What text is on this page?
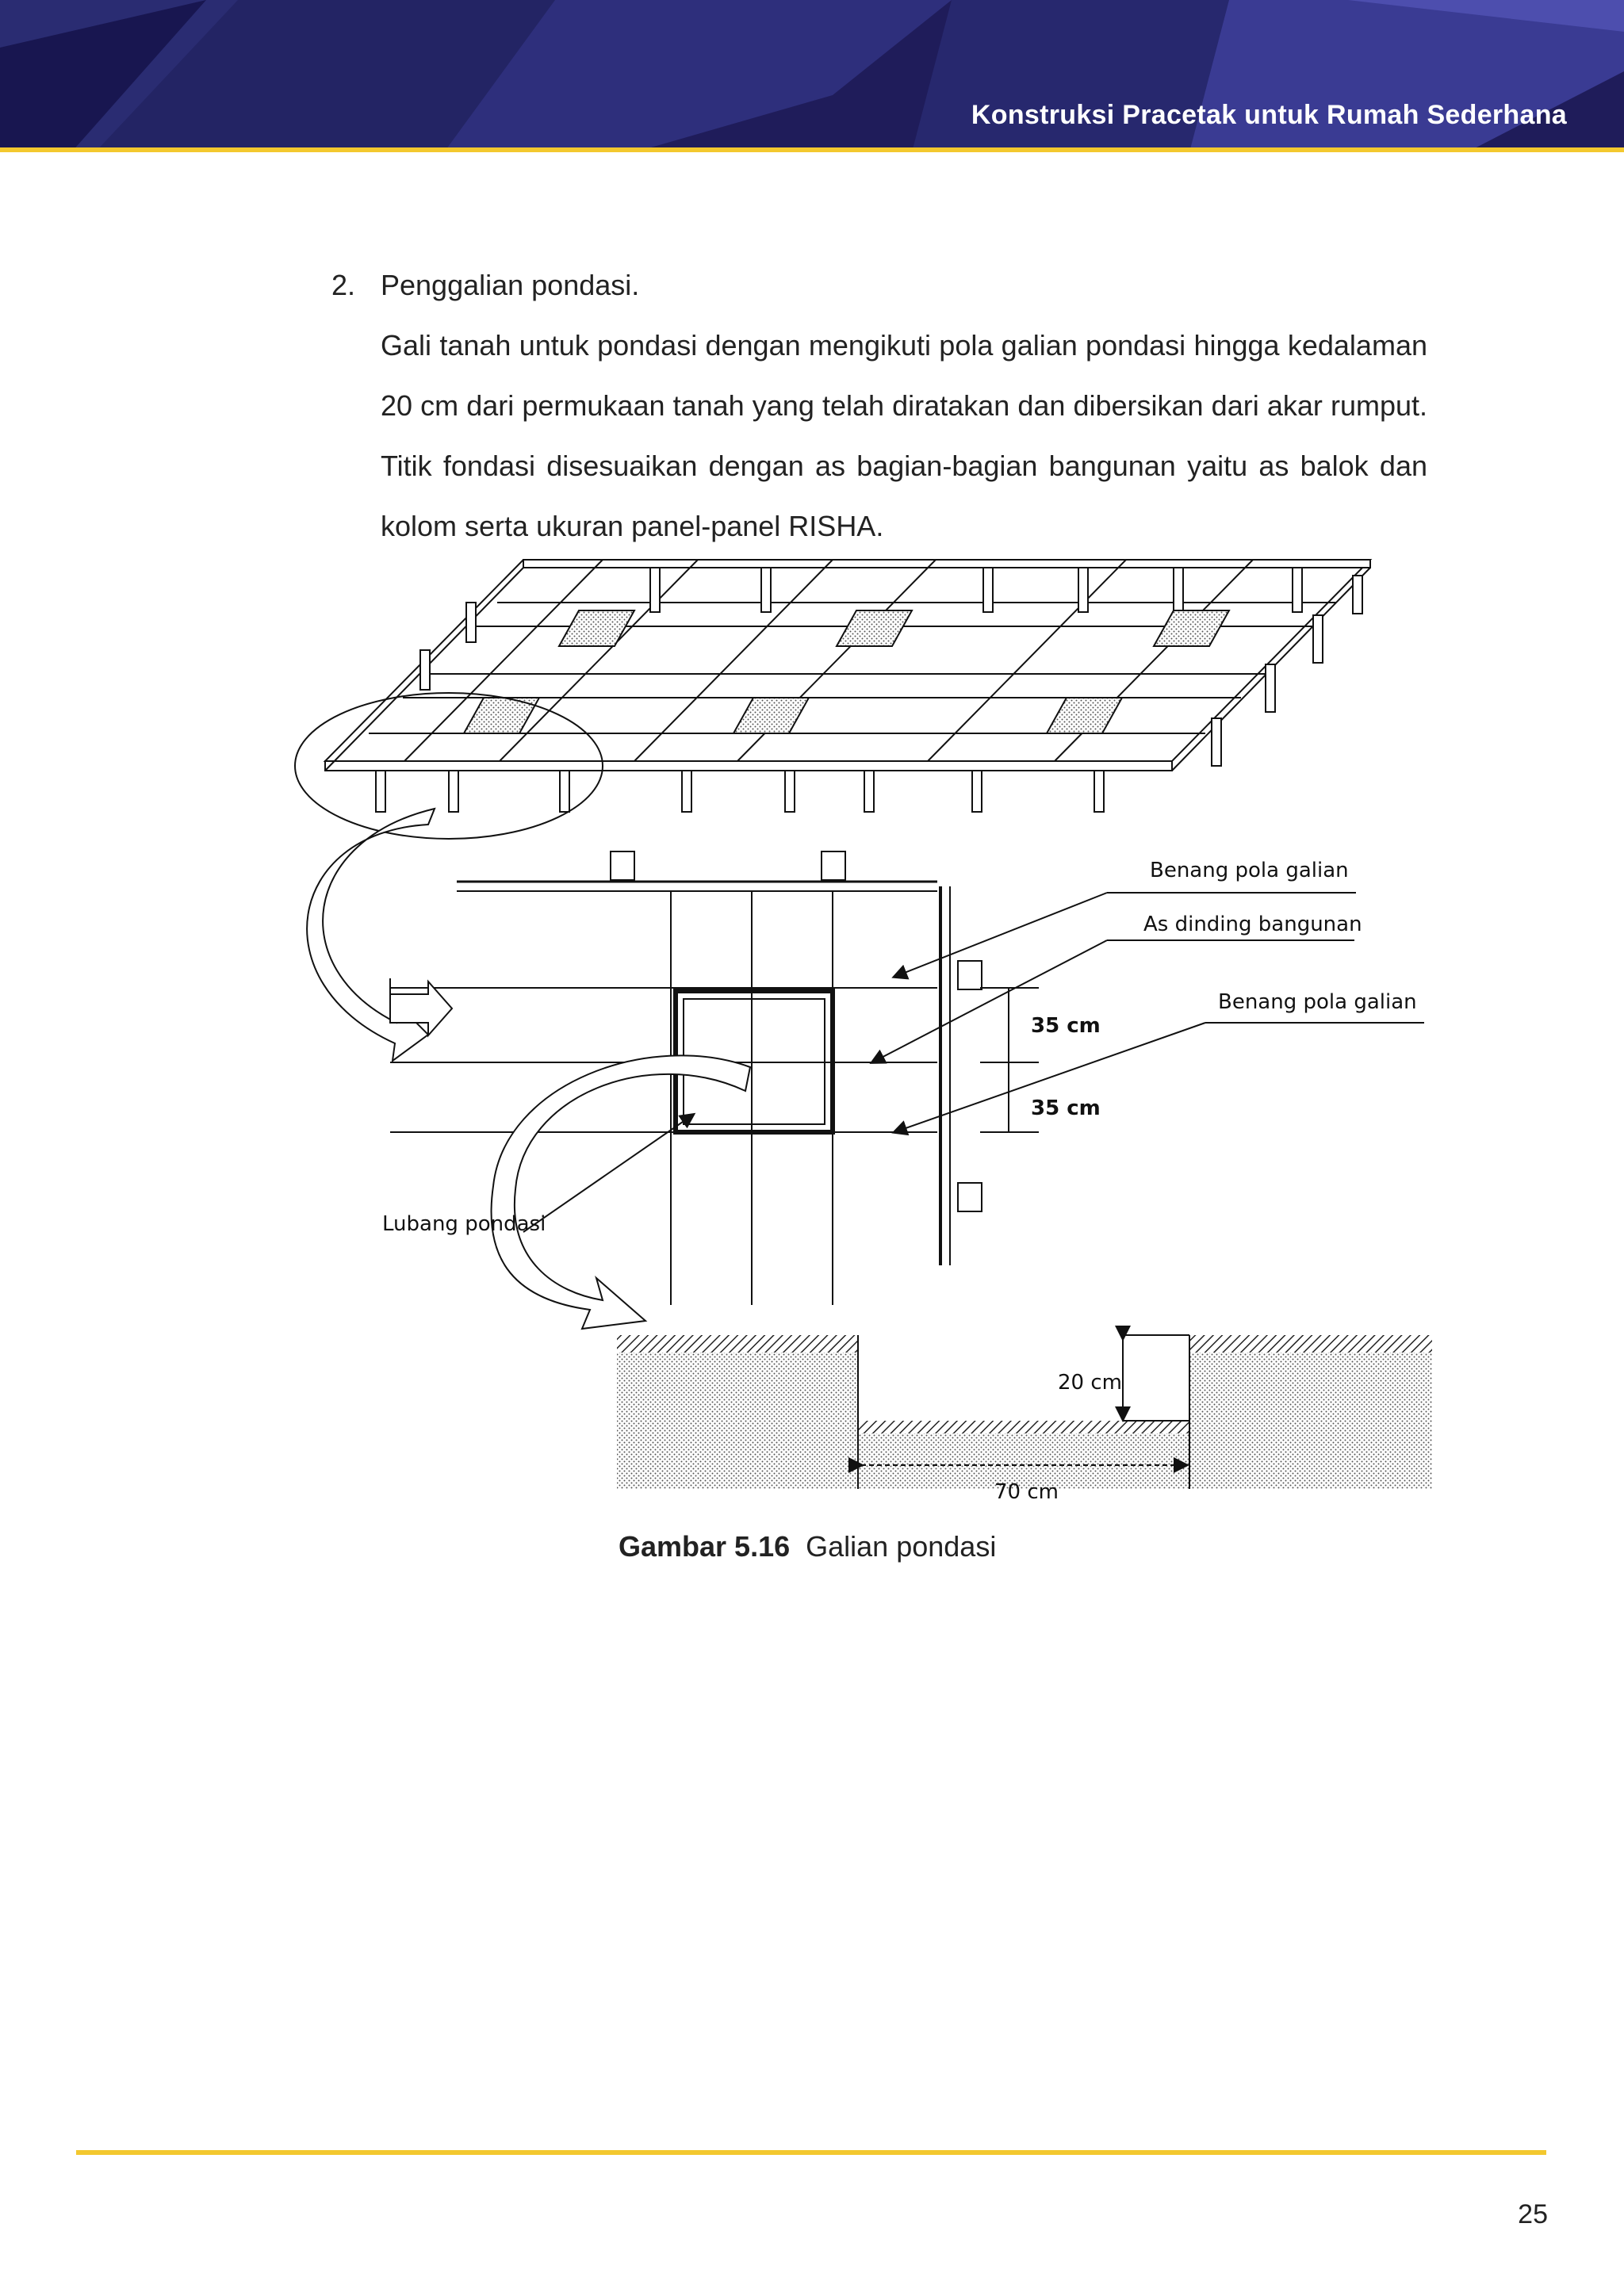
Konstruksi Pracetak untuk Rumah Sederhana
2. Penggalian pondasi.
Gali tanah untuk pondasi dengan mengikuti pola galian pondasi hingga kedalaman 20 cm dari permukaan tanah yang telah diratakan dan dibersikan dari akar rumput. Titik fondasi disesuaikan dengan as bagian-bagian bangunan yaitu as balok dan kolom serta ukuran panel-panel RISHA.
Benang pola galian
As dinding bangunan
Benang pola galian
35 cm
35 cm
Lubang pondasi
20 cm
70 cm
Gambar 5.16 Galian pondasi
25
